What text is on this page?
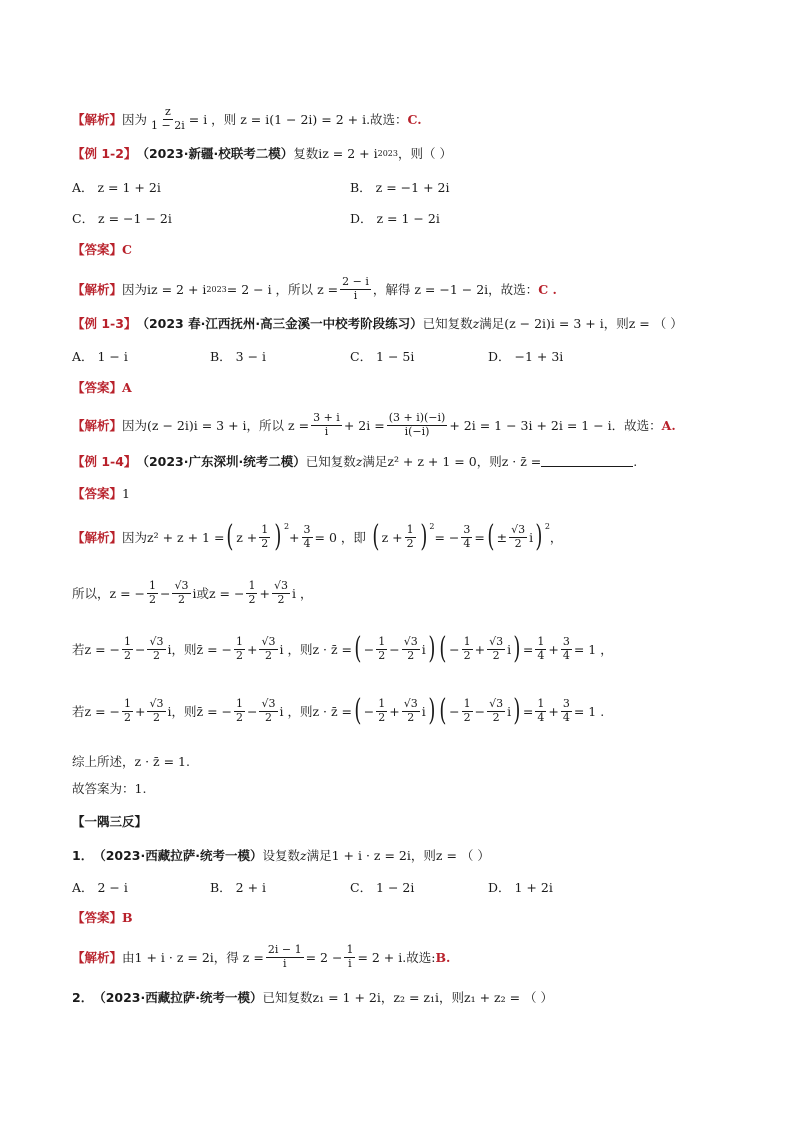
【解析】 因为 $\frac{z}{1 - 2i} = i$ ，则 z = i(1 − 2i) = 2 + i .故选： C.
【例 1-2】 （2023·新疆·校联考二模） 复数 iz = 2 + i 2023 ，则（ ）
A． z = 1 + 2i	B． z = −1 + 2i
C． z = −1 − 2i	D． z = 1 − 2i
【答案】 C
【解析】 因为 iz = 2 + i 2023 = 2 − i ，所以 $z = \frac{2 - i}{i}$ ，解得 z = −1 − 2i ，故选： C .
【例 1-3】 （2023 春·江西抚州·高三金溪一中校考阶段练习） 已知复数 z 满足 (z − 2i)i = 3 + i ，则 z = （ ）
A． 1 − i	B． 3 − i	C． 1 − 5i	D． −1 + 3i
【答案】 A
【解析】 因为 (z − 2i)i = 3 + i ，所以 $z = \frac{3 + i}{i} + 2i = \frac{(3 + i)(-i)}{i(-i)} + 2i = 1 - 3i + 2i = 1 - i$ ．故选： A.
【例 1-4】 （2023·广东深圳·统考二模） 已知复数 z 满足 z² + z + 1 = 0 ，则 z · z̄ =	.
【答案】 1
【解析】 因为 z² + z + 1 = ( $z + \frac{1}{2}$ ) 2
+ $\frac{3}{4} = 0$ ，即 ( $z + \frac{1}{2}$ ) 2
= − $\frac{3}{4}$ = ( ± $\frac{√3}{2}$ i ) 2
，
所以， z = − $\frac{1}{2} - \frac{√3}{2}$ i或 z = − $\frac{1}{2} + \frac{√3}{2}$ i ，
若 z = − $\frac{1}{2} - \frac{√3}{2}$ i ，则 z̄ = − $\frac{1}{2} + \frac{√3}{2}$ i ，则 z · z̄ = ( − $\frac{1}{2} - \frac{√3}{2}$ i ) ( − $\frac{1}{2} + \frac{√3}{2}$ i ) = $\frac{1}{4} + \frac{3}{4} = 1$ ，
若 z = − $\frac{1}{2} + \frac{√3}{2}$ i ，则 z̄ = − $\frac{1}{2} - \frac{√3}{2}$ i ，则 z · z̄ = ( − $\frac{1}{2} + \frac{√3}{2}$ i ) ( − $\frac{1}{2} - \frac{√3}{2}$ i ) = $\frac{1}{4} + \frac{3}{4} = 1$ .
综上所述， z · z̄ = 1 .
故答案为：1.
【一隅三反】
1． （2023·西藏拉萨·统考一模） 设复数 z 满足 1 + i · z = 2i ，则 z = （ ）
A． 2 − i	B． 2 + i	C． 1 − 2i	D． 1 + 2i
【答案】 B
【解析】 由 1 + i · z = 2i ，得 $z = \frac{2i - 1}{i} = 2 - \frac{1}{i} = 2 + i$ .故选: B.
2． （2023·西藏拉萨·统考一模） 已知复数 z₁ = 1 + 2i ， z₂ = z₁i ，则 z₁ + z₂ = （ ）
